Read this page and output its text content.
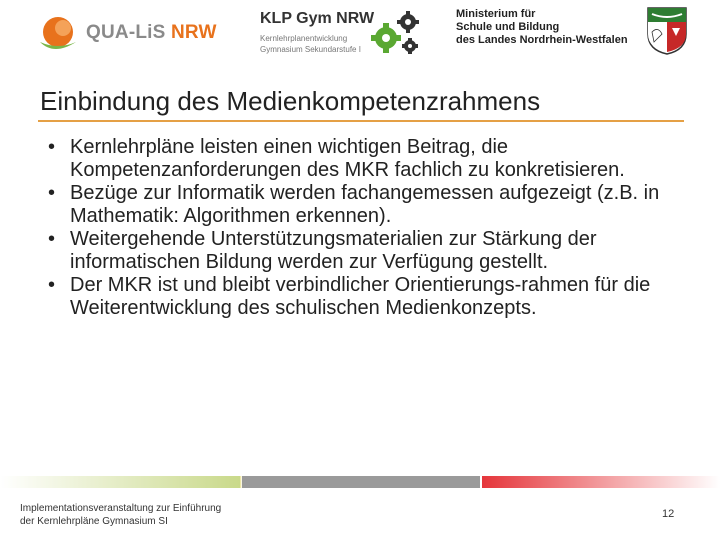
QUA-LiS NRW
KLP Gym NRW
Kernlehrplanentwicklung
Gymnasium Sekundarstufe I
Ministerium für
Schule und Bildung
des Landes Nordrhein-Westfalen
Einbindung des Medienkompetenzrahmens
• Kernlehrpläne leisten einen wichtigen Beitrag, die Kompetenzanforderungen des MKR fachlich zu konkretisieren.
• Bezüge zur Informatik werden fachangemessen aufgezeigt (z.B. in Mathematik: Algorithmen erkennen).
• Weitergehende Unterstützungsmaterialien zur Stärkung der informatischen Bildung werden zur Verfügung gestellt.
• Der MKR ist und bleibt verbindlicher Orientierungs-rahmen für die Weiterentwicklung des schulischen Medienkonzepts.
Implementationsveranstaltung zur Einführung
der Kernlehrpläne Gymnasium SI
12
